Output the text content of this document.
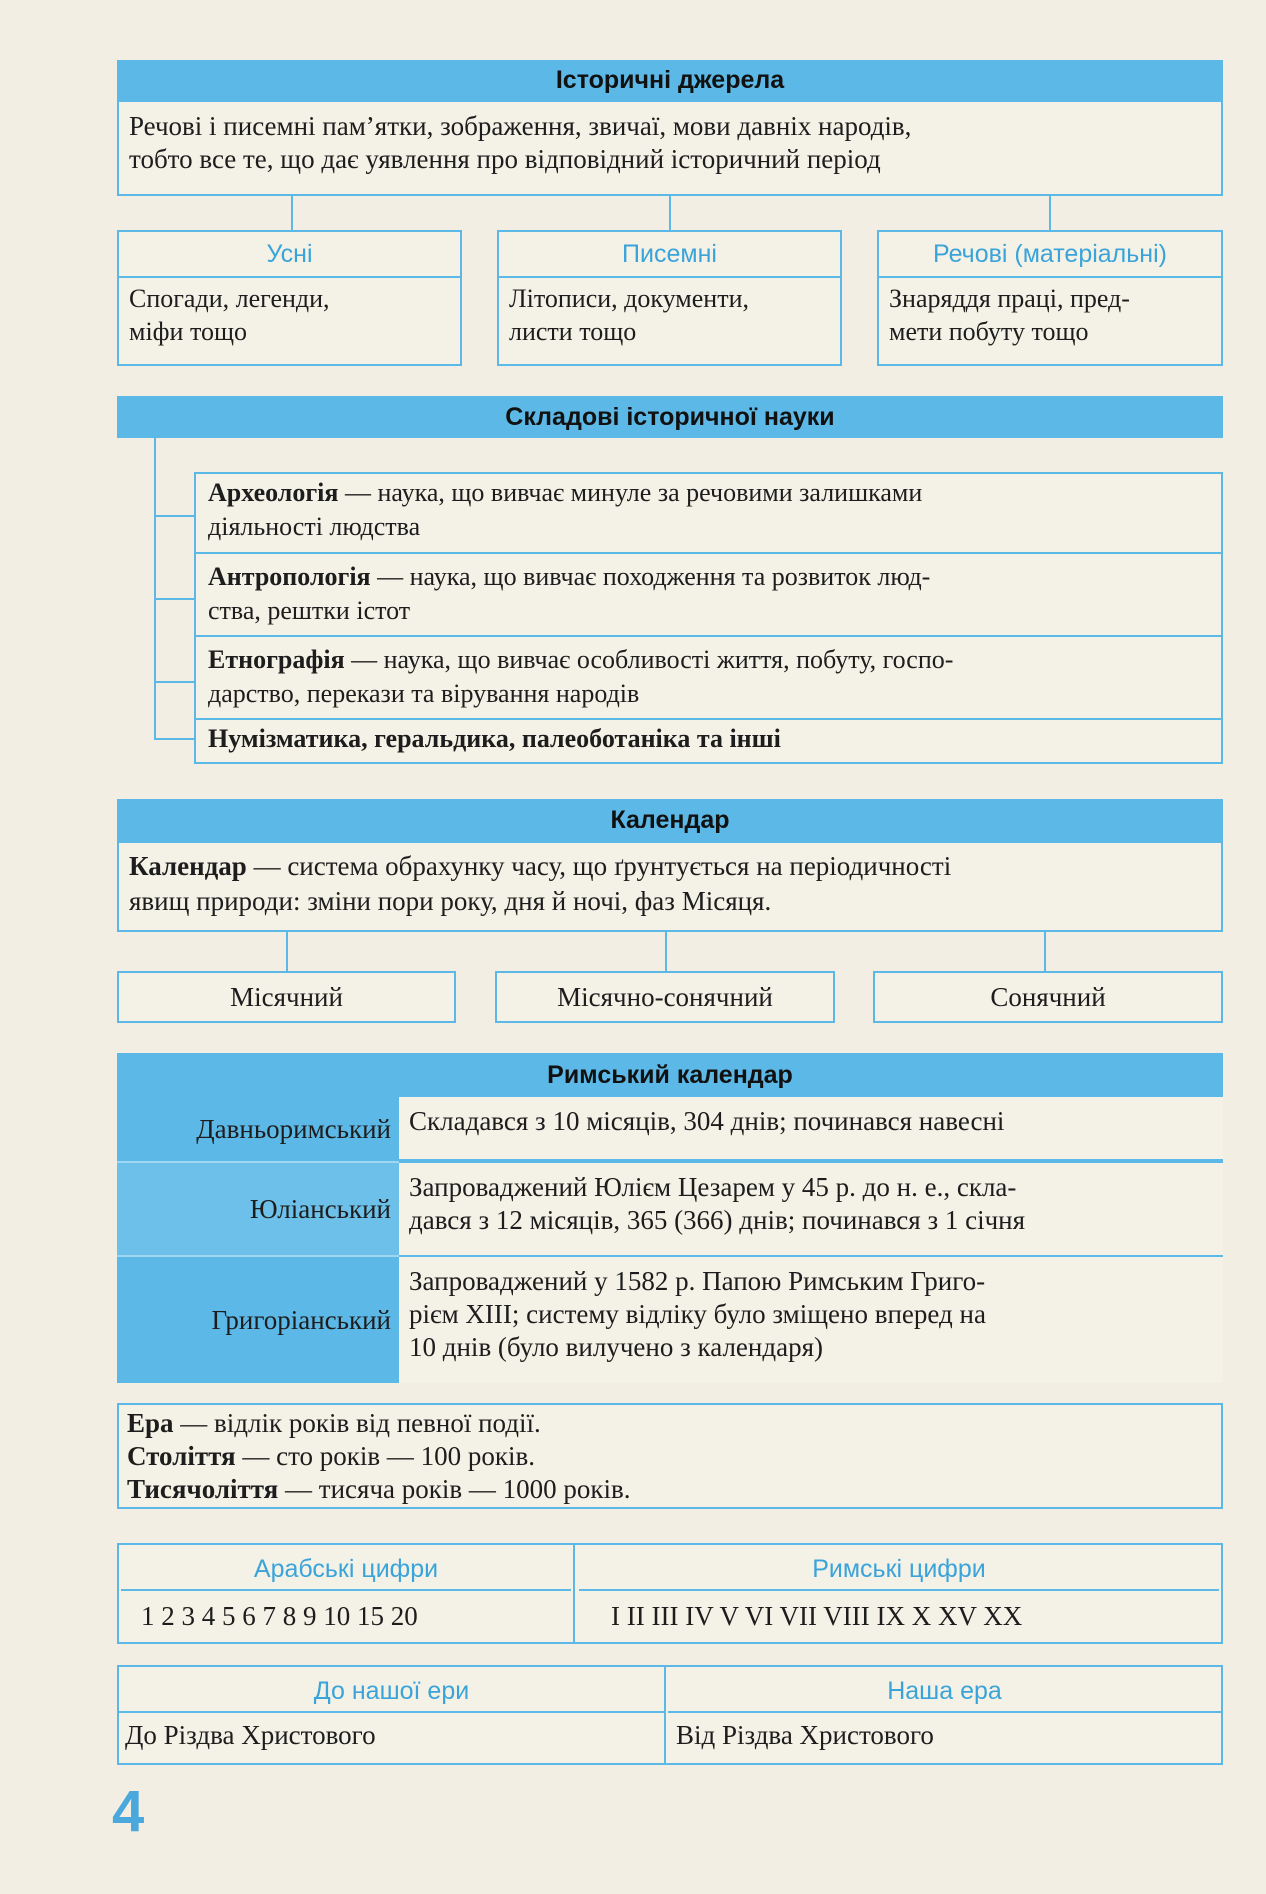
Історичні джерела
Речові і писемні пам’ятки, зображення, звичаї, мови давніх народів,
тобто все те, що дає уявлення про відповідний історичний період
Усні
Спогади, легенди,
міфи тощо
Писемні
Літописи, документи,
листи тощо
Речові (матеріальні)
Знаряддя праці, пред-
мети побуту тощо
Складові історичної науки
Археологія — наука, що вивчає минуле за речовими залишками
діяльності людства
Антропологія — наука, що вивчає походження та розвиток люд-
ства, рештки істот
Етнографія — наука, що вивчає особливості життя, побуту, госпо-
дарство, перекази та вірування народів
Нумізматика, геральдика, палеоботаніка та інші
Календар
Календар — система обрахунку часу, що ґрунтується на періодичності
явищ природи: зміни пори року, дня й ночі, фаз Місяця.
Місячний	Місячно-сонячний	Сонячний
Римський календар
Давньоримський Складався з 10 місяців, 304 днів; починався навесні
Юліанський
Запроваджений Юлієм Цезарем у 45 р. до н. е., скла-
дався з 12 місяців, 365 (366) днів; починався з 1 січня
Григоріанський
Запроваджений у 1582 р. Папою Римським Григо-
рієм XIII; систему відліку було зміщено вперед на
10 днів (було вилучено з календаря)
Ера — відлік років від певної події.
Століття — сто років — 100 років.
Тисячоліття — тисяча років — 1000 років.
Арабські цифри
1 2 3 4 5 6 7 8 9 10 15 20
Римські цифри
I II III IV V VI VII VIII IX X XV XX
До нашої ери
До Різдва Христового
Наша ера
Від Різдва Христового
4
